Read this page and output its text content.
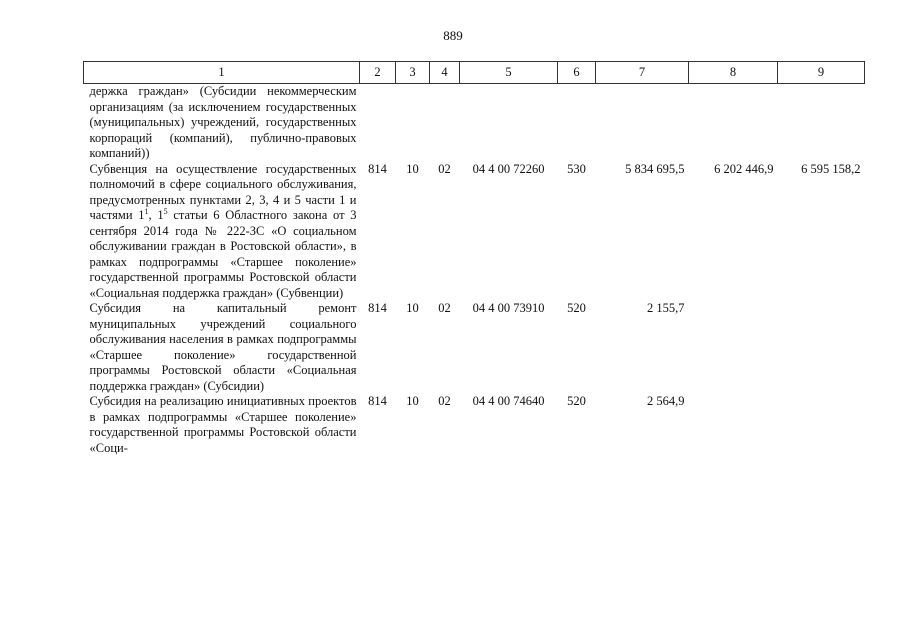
889
1	2	3	4	5	6	7	8	9
держка граждан» (Субсидии некоммерческим организациям (за исключением государственных (муниципальных) учреждений, государственных корпораций (компаний), публично-правовых компаний))								
Субвенция на осуществление государственных полномочий в сфере социального обслуживания, предусмотренных пунктами 2, 3, 4 и 5 части 1 и частями $1^1$, $1^5$ статьи 6 Областного закона от 3 сентября 2014 года № 222-ЗС «О социальном обслуживании граждан в Ростовской области», в рамках подпрограммы «Старшее поколение» государственной программы Ростовской области «Социальная поддержка граждан» (Субвенции)	814	10	02	04 4 00 72260	530	5 834 695,5	6 202 446,9	6 595 158,2
Субсидия на капитальный ремонт муниципальных учреждений социального обслуживания населения в рамках подпрограммы «Старшее поколение» государственной программы Ростовской области «Социальная поддержка граждан» (Субсидии)	814	10	02	04 4 00 73910	520	2 155,7		
Субсидия на реализацию инициативных проектов в рамках подпрограммы «Старшее поколение» государственной программы Ростовской области «Соци-	814	10	02	04 4 00 74640	520	2 564,9		
